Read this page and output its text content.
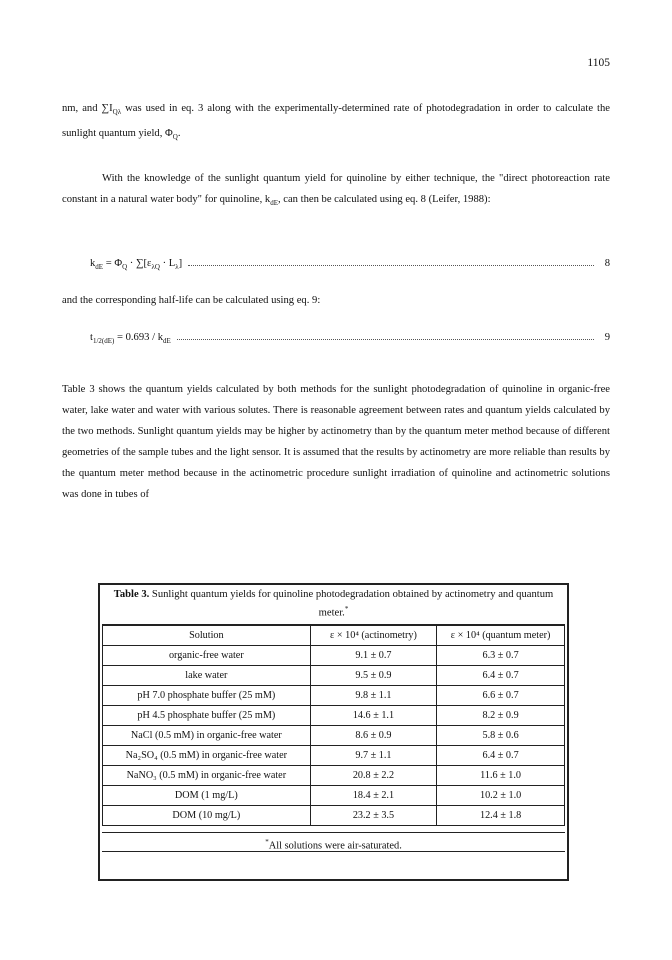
1105
nm, and $\sum I_{Q\lambda}$ was used in eq. 3 along with the experimentally-determined rate of photodegradation in order to calculate the sunlight quantum yield, $\Phi_Q$.
With the knowledge of the sunlight quantum yield for quinoline by either technique, the "direct photoreaction rate constant in a natural water body" for quinoline, $k_{dE}$, can then be calculated using eq. 8 (Leifer, 1988):
$k_{dE} = \Phi_Q \cdot \sum[\varepsilon_{\lambda Q} \cdot L_\lambda]$	8
and the corresponding half-life can be calculated using eq. 9:
$t_{1/2(dE)} = 0.693 / k_{dE}$	9
Table 3 shows the quantum yields calculated by both methods for the sunlight photodegradation of quinoline in organic-free water, lake water and water with various solutes. There is reasonable agreement between rates and quantum yields calculated by the two methods. Sunlight quantum yields may be higher by actinometry than by the quantum meter method because of different geometries of the sample tubes and the light sensor. It is assumed that the results by actinometry are more reliable than results by the quantum meter method because in the actinometric procedure sunlight irradiation of quinoline and actinometric solutions was done in tubes of
Table 3. Sunlight quantum yields for quinoline photodegradation obtained by actinometry and quantum meter.*
Solution	ε × 10⁴ (actinometry)	ε × 10⁴ (quantum meter)
organic-free water	9.1 ± 0.7	6.3 ± 0.7
lake water	9.5 ± 0.9	6.4 ± 0.7
pH 7.0 phosphate buffer (25 mM)	9.8 ± 1.1	6.6 ± 0.7
pH 4.5 phosphate buffer (25 mM)	14.6 ± 1.1	8.2 ± 0.9
NaCl (0.5 mM) in organic-free water	8.6 ± 0.9	5.8 ± 0.6
Na₂SO₄ (0.5 mM) in organic-free water	9.7 ± 1.1	6.4 ± 0.7
NaNO₃ (0.5 mM) in organic-free water	20.8 ± 2.2	11.6 ± 1.0
DOM (1 mg/L)	18.4 ± 2.1	10.2 ± 1.0
DOM (10 mg/L)	23.2 ± 3.5	12.4 ± 1.8
*All solutions were air-saturated.
